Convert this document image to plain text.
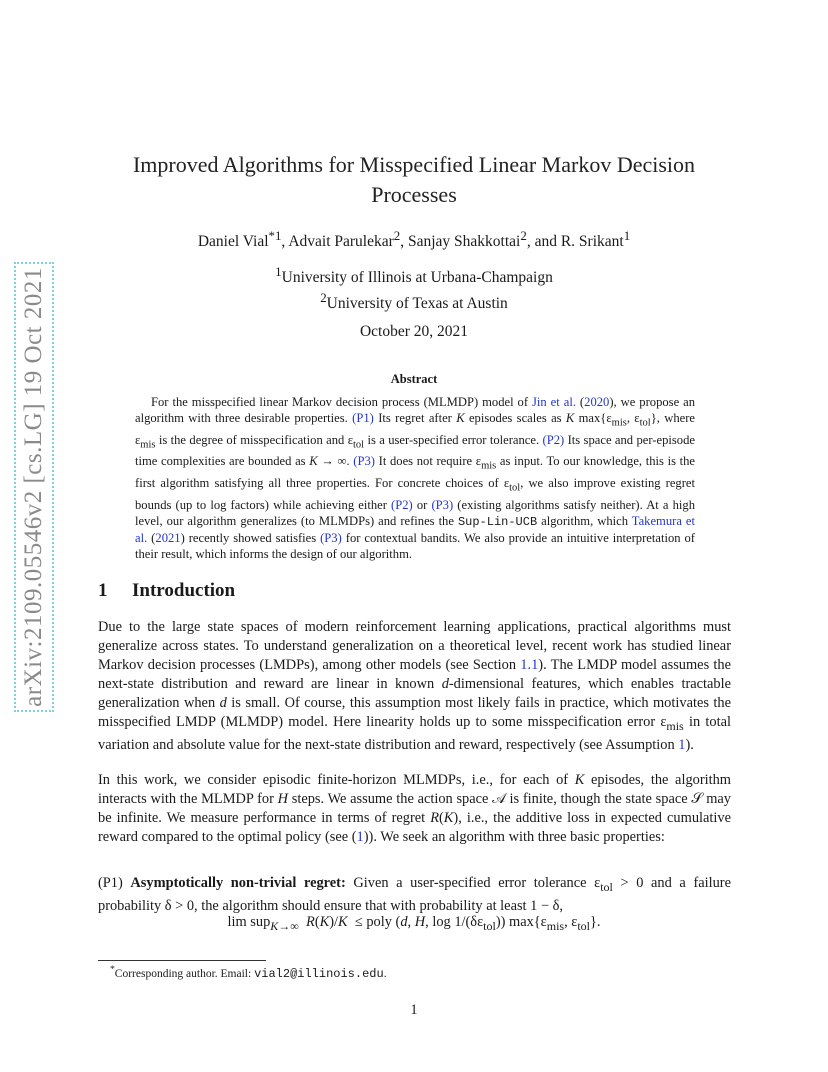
arXiv:2109.05546v2 [cs.LG] 19 Oct 2021
Improved Algorithms for Misspecified Linear Markov Decision Processes
Daniel Vial$^{*1}$, Advait Parulekar$^2$, Sanjay Shakkottai$^2$, and R. Srikant$^1$
$^1$University of Illinois at Urbana-Champaign
$^2$University of Texas at Austin
October 20, 2021
Abstract
For the misspecified linear Markov decision process (MLMDP) model of Jin et al. (2020), we propose an algorithm with three desirable properties. (P1) Its regret after K episodes scales as K $\max\{\varepsilon_{mis}$, $\varepsilon_{tol}$}, where $\varepsilon_{mis}$ is the degree of misspecification and $\varepsilon_{tol}$ is a user-specified error tolerance. (P2) Its space and per-episode time complexities are bounded as K → ∞. (P3) It does not require $\varepsilon_{mis}$ as input. To our knowledge, this is the first algorithm satisfying all three properties. For concrete choices of $\varepsilon_{tol}$, we also improve existing regret bounds (up to log factors) while achieving either (P2) or (P3) (existing algorithms satisfy neither). At a high level, our algorithm generalizes (to MLMDPs) and refines the Sup-Lin-UCB algorithm, which Takemura et al. (2021) recently showed satisfies (P3) for contextual bandits. We also provide an intuitive interpretation of their result, which informs the design of our algorithm.
1 Introduction
Due to the large state spaces of modern reinforcement learning applications, practical algorithms must generalize across states. To understand generalization on a theoretical level, recent work has studied linear Markov decision processes (LMDPs), among other models (see Section 1.1). The LMDP model assumes the next-state distribution and reward are linear in known d-dimensional features, which enables tractable generalization when d is small. Of course, this assumption most likely fails in practice, which motivates the misspecified LMDP (MLMDP) model. Here linearity holds up to some misspecification error $\varepsilon_{mis}$ in total variation and absolute value for the next-state distribution and reward, respectively (see Assumption 1).
In this work, we consider episodic finite-horizon MLMDPs, i.e., for each of K episodes, the algorithm interacts with the MLMDP for H steps. We assume the action space 𝒜 is finite, though the state space 𝒮 may be infinite. We measure performance in terms of regret R(K), i.e., the additive loss in expected cumulative reward compared to the optimal policy (see (1)). We seek an algorithm with three basic properties:
(P1) Asymptotically non-trivial regret: Given a user-specified error tolerance $\varepsilon_{tol} > 0$ and a failure probability δ > 0, the algorithm should ensure that with probability at least 1 − δ,
lim sup$_{K\to\infty}$ R(K)/K  ≤ poly (d, H, $\log 1/(\delta\varepsilon_{tol})$) $\max\{\varepsilon_{mis}$, $\varepsilon_{tol}$}.
*Corresponding author. Email: vial2@illinois.edu.
1
